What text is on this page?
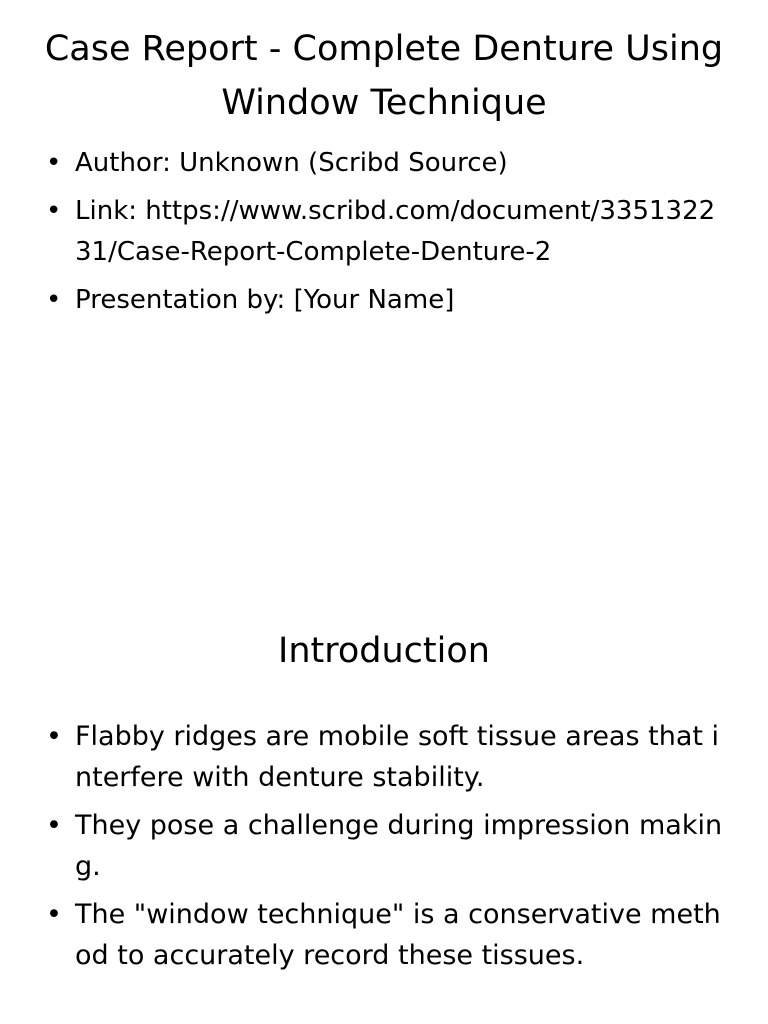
Case Report - Complete Denture Using Window Technique
• Author: Unknown (Scribd Source)
• Link: https://www.scribd.com/document/335132231/Case-Report-Complete-Denture-2
• Presentation by: [Your Name]
Introduction
• Flabby ridges are mobile soft tissue areas that interfere with denture stability.
• They pose a challenge during impression making.
• The "window technique" is a conservative method to accurately record these tissues.
